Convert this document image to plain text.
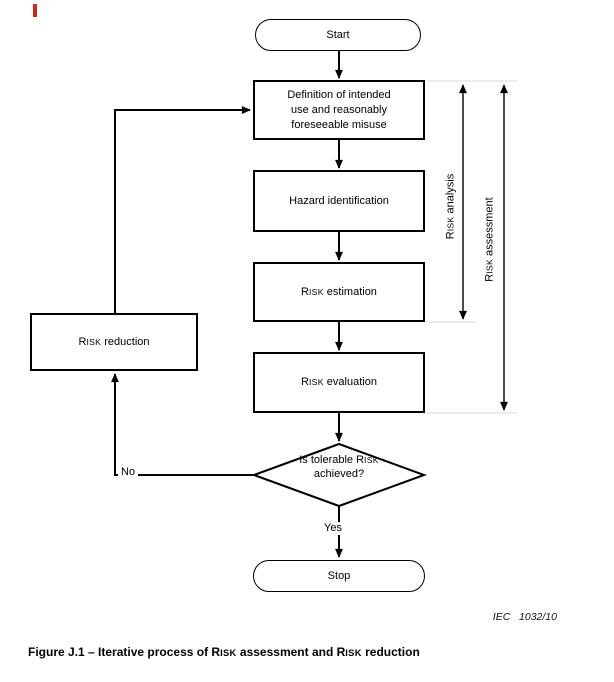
Start
Definition of intended use and reasonably foreseeable misuse
Hazard identification
RISK estimation
RISK evaluation
RISK reduction
Is tolerable RISK achieved?
Stop
Yes
No
RISK analysis
RISK assessment
IEC   1032/10
Figure J.1 – Iterative process of RISK assessment and RISK reduction
